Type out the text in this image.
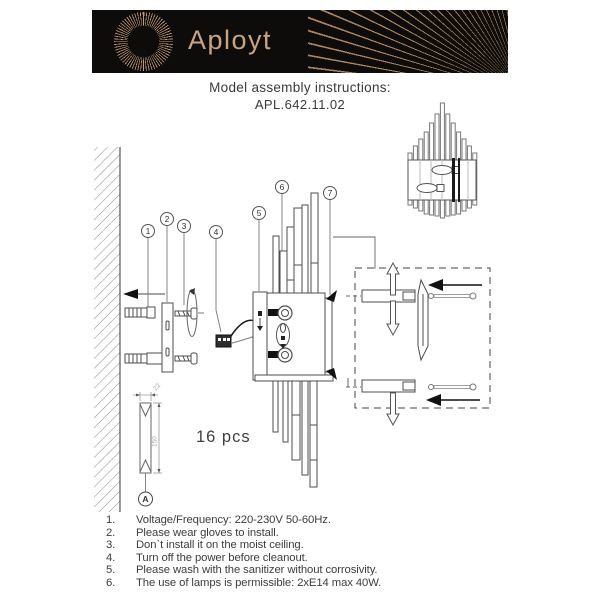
Aployt
Model assembly instructions:
APL.642.11.02
22
150
A
1
2
3
4
5
6
7
16 pcs
1.	Voltage/Frequency: 220-230V 50-60Hz.
2.	Please wear gloves to install.
3.	Don`t install it on the moist ceiling.
4.	Turn off the power before cleanout.
5.	Please wash with the sanitizer without corrosivity.
6.	The use of lamps is permissible: 2xE14 max 40W.
